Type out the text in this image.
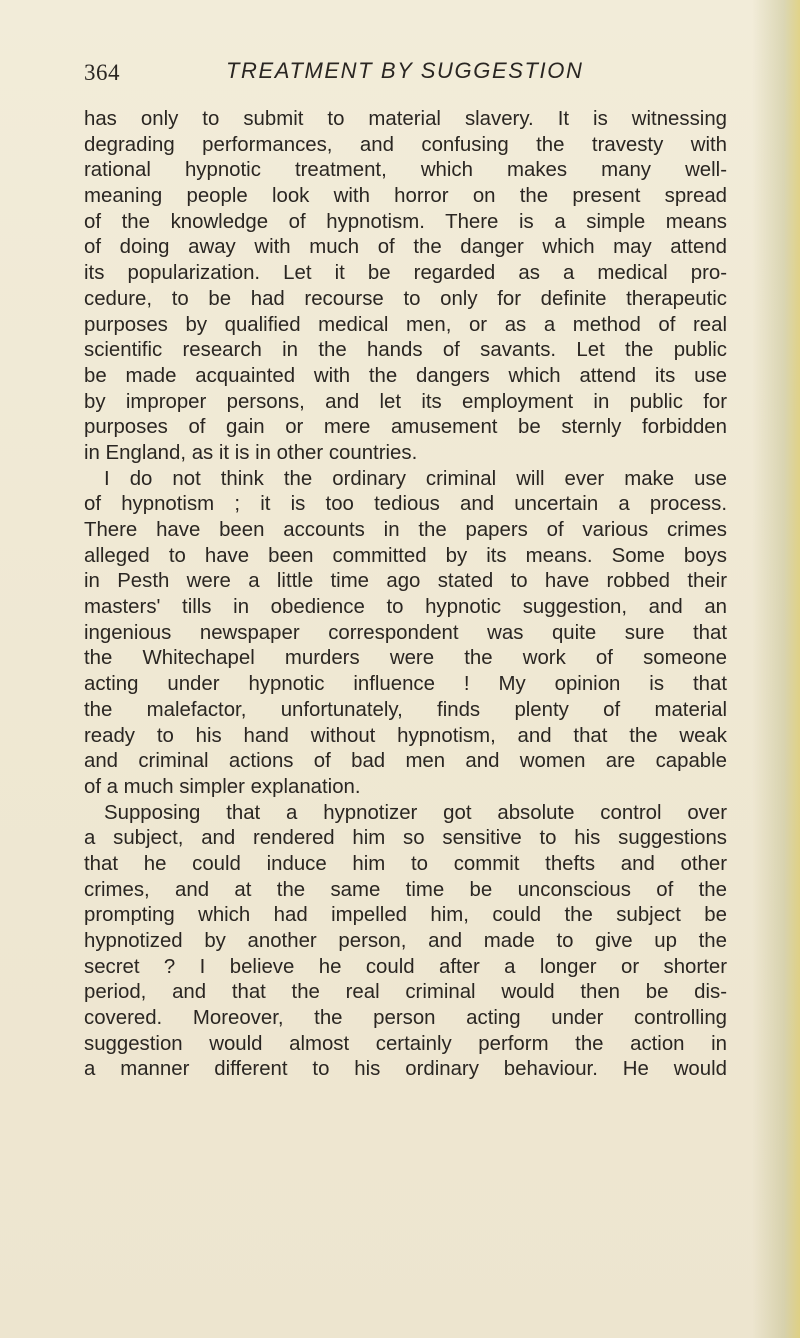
364	TREATMENT BY SUGGESTION
has only to submit to material slavery. It is witnessing
degrading performances, and confusing the travesty with
rational hypnotic treatment, which makes many well-
meaning people look with horror on the present spread
of the knowledge of hypnotism. There is a simple means
of doing away with much of the danger which may attend
its popularization. Let it be regarded as a medical pro-
cedure, to be had recourse to only for definite therapeutic
purposes by qualified medical men, or as a method of real
scientific research in the hands of savants. Let the public
be made acquainted with the dangers which attend its use
by improper persons, and let its employment in public for
purposes of gain or mere amusement be sternly forbidden
in England, as it is in other countries.
I do not think the ordinary criminal will ever make use
of hypnotism ; it is too tedious and uncertain a process.
There have been accounts in the papers of various crimes
alleged to have been committed by its means. Some boys
in Pesth were a little time ago stated to have robbed their
masters' tills in obedience to hypnotic suggestion, and an
ingenious newspaper correspondent was quite sure that
the Whitechapel murders were the work of someone
acting under hypnotic influence ! My opinion is that
the malefactor, unfortunately, finds plenty of material
ready to his hand without hypnotism, and that the weak
and criminal actions of bad men and women are capable
of a much simpler explanation.
Supposing that a hypnotizer got absolute control over
a subject, and rendered him so sensitive to his suggestions
that he could induce him to commit thefts and other
crimes, and at the same time be unconscious of the
prompting which had impelled him, could the subject be
hypnotized by another person, and made to give up the
secret ? I believe he could after a longer or shorter
period, and that the real criminal would then be dis-
covered. Moreover, the person acting under controlling
suggestion would almost certainly perform the action in
a manner different to his ordinary behaviour. He would
